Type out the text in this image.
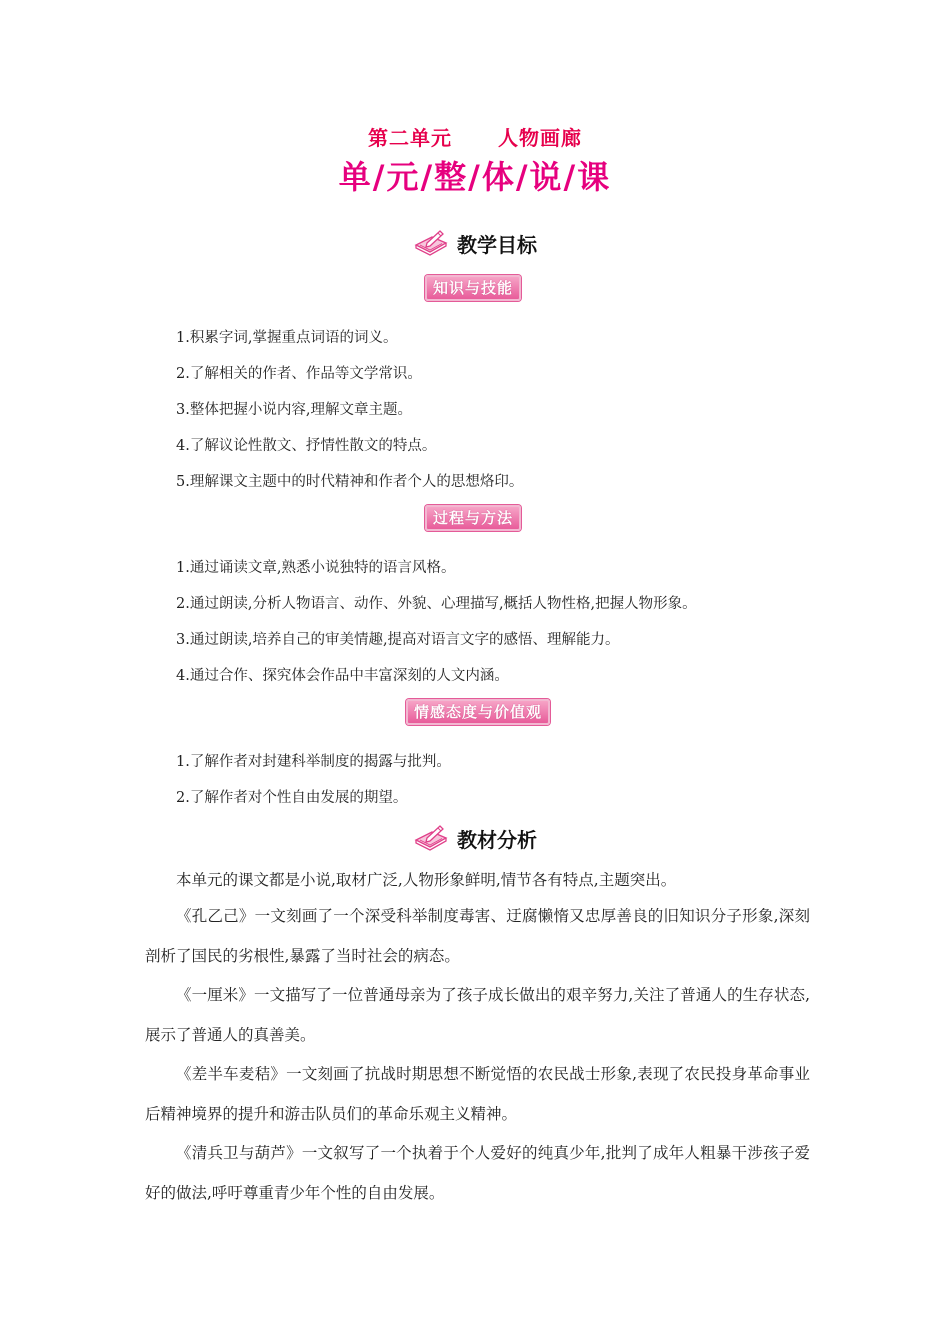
第二单元 人物画廊
单/元/整/体/说/课
教学目标
知识与技能
1.积累字词,掌握重点词语的词义。
2.了解相关的作者、作品等文学常识。
3.整体把握小说内容,理解文章主题。
4.了解议论性散文、抒情性散文的特点。
5.理解课文主题中的时代精神和作者个人的思想烙印。
过程与方法
1.通过诵读文章,熟悉小说独特的语言风格。
2.通过朗读,分析人物语言、动作、外貌、心理描写,概括人物性格,把握人物形象。
3.通过朗读,培养自己的审美情趣,提高对语言文字的感悟、理解能力。
4.通过合作、探究体会作品中丰富深刻的人文内涵。
情感态度与价值观
1.了解作者对封建科举制度的揭露与批判。
2.了解作者对个性自由发展的期望。
教材分析
本单元的课文都是小说,取材广泛,人物形象鲜明,情节各有特点,主题突出。
《孔乙己》一文刻画了一个深受科举制度毒害、迂腐懒惰又忠厚善良的旧知识分子形象,深刻剖析了国民的劣根性,暴露了当时社会的病态。
《一厘米》一文描写了一位普通母亲为了孩子成长做出的艰辛努力,关注了普通人的生存状态,展示了普通人的真善美。
《差半车麦秸》一文刻画了抗战时期思想不断觉悟的农民战士形象,表现了农民投身革命事业后精神境界的提升和游击队员们的革命乐观主义精神。
《清兵卫与葫芦》一文叙写了一个执着于个人爱好的纯真少年,批判了成年人粗暴干涉孩子爱好的做法,呼吁尊重青少年个性的自由发展。
